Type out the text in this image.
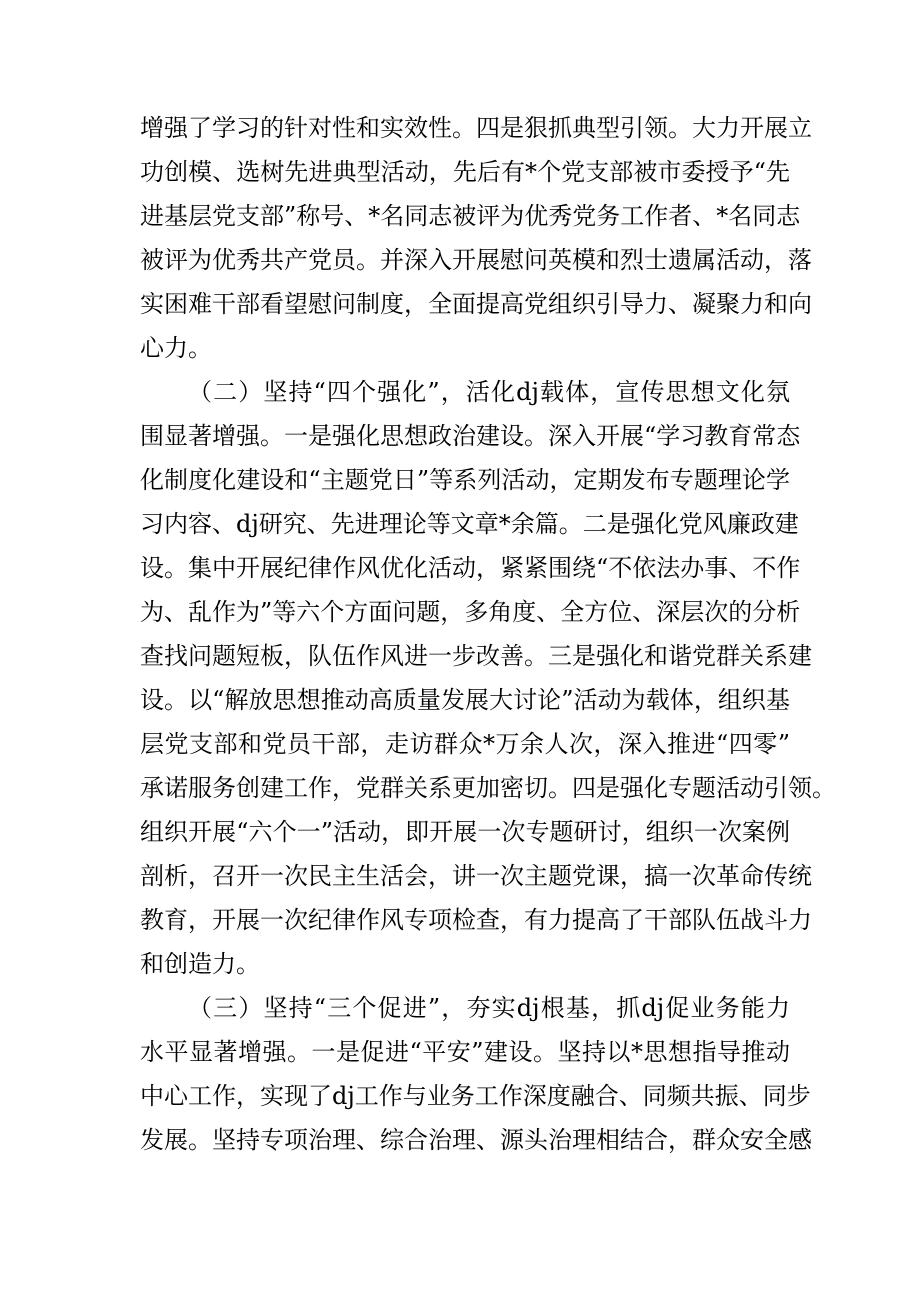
增强了学习的针对性和实效性。四是狠抓典型引领。大力开展立
功创模、选树先进典型活动，先后有*个党支部被市委授予“先
进基层党支部”称号、*名同志被评为优秀党务工作者、*名同志
被评为优秀共产党员。并深入开展慰问英模和烈士遗属活动，落
实困难干部看望慰问制度，全面提高党组织引导力、凝聚力和向
心力。
（二）坚持“四个强化”，活化dj载体，宣传思想文化氛
围显著增强。一是强化思想政治建设。深入开展“学习教育常态
化制度化建设和“主题党日”等系列活动，定期发布专题理论学
习内容、dj研究、先进理论等文章*余篇。二是强化党风廉政建
设。集中开展纪律作风优化活动，紧紧围绕“不依法办事、不作
为、乱作为”等六个方面问题，多角度、全方位、深层次的分析
查找问题短板，队伍作风进一步改善。三是强化和谐党群关系建
设。以“解放思想推动高质量发展大讨论”活动为载体，组织基
层党支部和党员干部，走访群众*万余人次，深入推进“四零”
承诺服务创建工作，党群关系更加密切。四是强化专题活动引领。
组织开展“六个一”活动，即开展一次专题研讨，组织一次案例
剖析，召开一次民主生活会，讲一次主题党课，搞一次革命传统
教育，开展一次纪律作风专项检查，有力提高了干部队伍战斗力
和创造力。
（三）坚持“三个促进”，夯实dj根基，抓dj促业务能力
水平显著增强。一是促进“平安”建设。坚持以*思想指导推动
中心工作，实现了dj工作与业务工作深度融合、同频共振、同步
发展。坚持专项治理、综合治理、源头治理相结合，群众安全感
